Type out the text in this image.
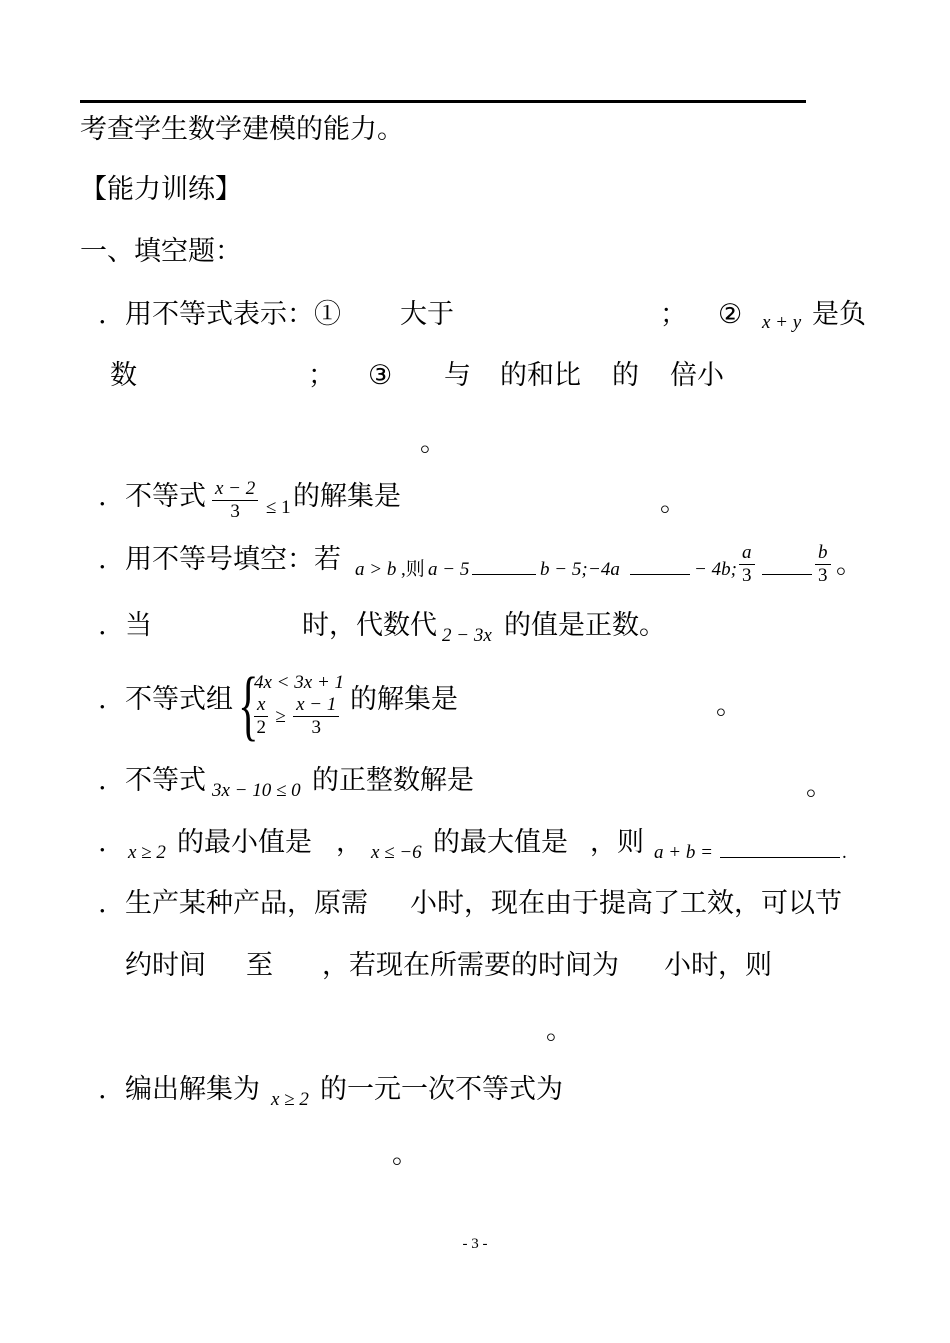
考查学生数学建模的能力。
【能力训练】
一、填空题：
. 用不等式表示：① 大于	； ② x + y 是负
数	； ③ 与 的和比 的 倍小
。
. 不等式 $\frac{x - 2}{3} \le 1$ 的解集是	。
. 用不等号填空：若 a > b ,则 a − 5	b − 5; −4a	− 4b; $\frac{a}{3}$	$\frac{b}{3}$ 。
. 当	时，代数代 2 − 3x 的值是正数。
. 不等式组 {
4x < 3x + 1
$\frac{x}{2} \ge \frac{x - 1}{3}$ 的解集是	。
. 不等式 3x − 10 ≤ 0 的正整数解是	。
. x ≥ 2 的最小值是 ， x ≤ −6 的最大值是 ，则 a + b =	.
. 生产某种产品，原需 小时，现在由于提高了工效，可以节
约时间 至 ，若现在所需要的时间为 小时，则
。
. 编出解集为 x ≥ 2 的一元一次不等式为
。
- 3 -
